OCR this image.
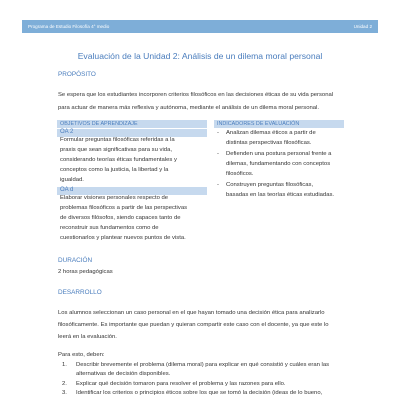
Programa de Estudio Filosofía 4° medio	Unidad 2
Evaluación de la Unidad 2: Análisis de un dilema moral personal
PROPÓSITO
Se espera que los estudiantes incorporen criterios filosóficos en las decisiones éticas de su vida personal
para actuar de manera más reflexiva y autónoma, mediante el análisis de un dilema moral personal.
OBJETIVOS DE APRENDIZAJE
OA 2
Formular preguntas filosóficas referidas a la
praxis que sean significativas para su vida,
considerando teorías éticas fundamentales y
conceptos como la justicia, la libertad y la
igualdad.
OA d
Elaborar visiones personales respecto de
problemas filosóficos a partir de las perspectivas
de diversos filósofos, siendo capaces tanto de
reconstruir sus fundamentos como de
cuestionarlos y plantear nuevos puntos de vista.
INDICADORES DE EVALUACIÓN
- Analizan dilemas éticos a partir de
distintas perspectivas filosóficas.
- Defienden una postura personal frente a
dilemas, fundamentando con conceptos
filosóficos.
- Construyen preguntas filosóficas,
basadas en las teorías éticas estudiadas.
DURACIÓN
2 horas pedagógicas
DESARROLLO
Los alumnos seleccionan un caso personal en el que hayan tomado una decisión ética para analizarlo
filosóficamente. Es importante que puedan y quieran compartir este caso con el docente, ya que este lo
leerá en la evaluación.
Para esto, deben:
1. Describir brevemente el problema (dilema moral) para explicar en qué consistió y cuáles eran las
alternativas de decisión disponibles.
2. Explicar qué decisión tomaron para resolver el problema y las razones para ello.
3. Identificar los criterios o principios éticos sobre los que se tomó la decisión (ideas de lo bueno,
